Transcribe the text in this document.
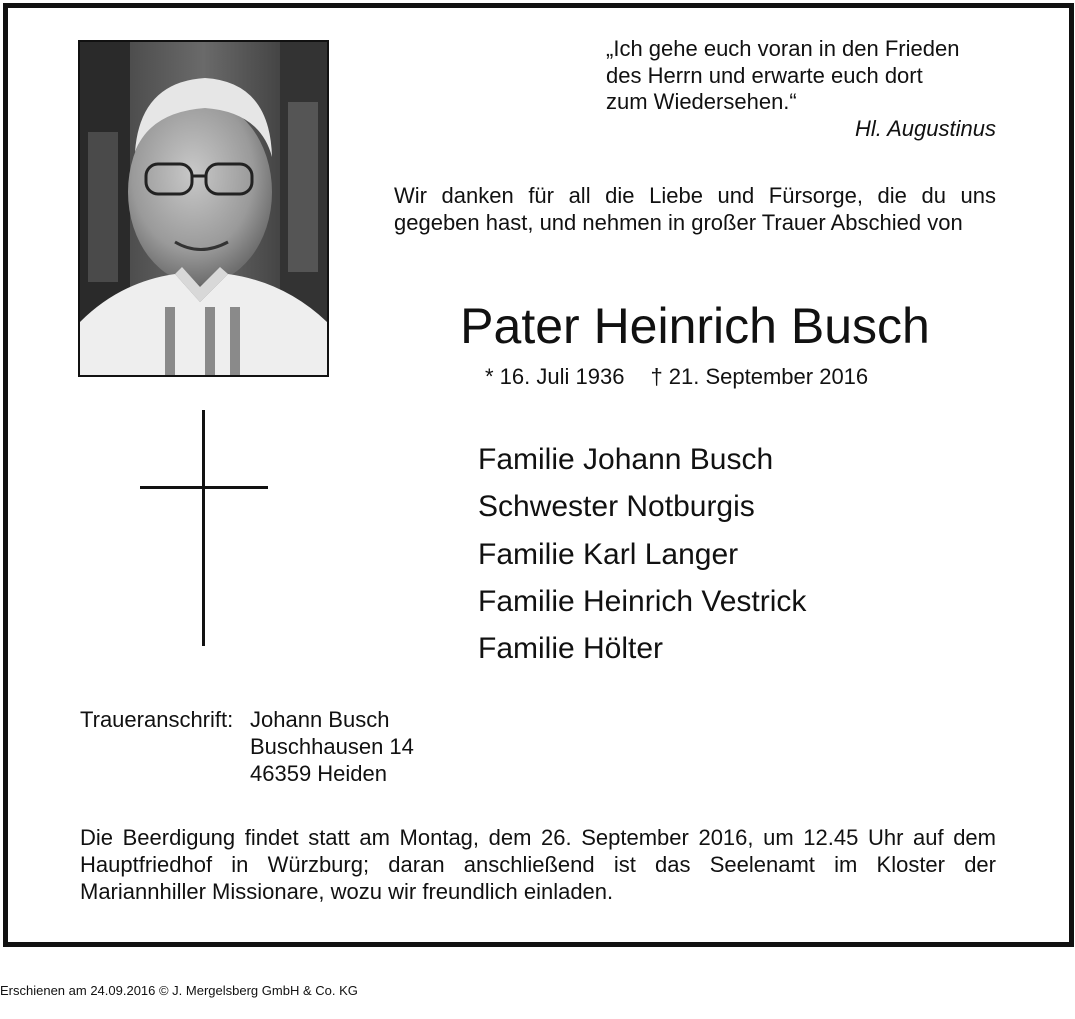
„Ich gehe euch voran in den Frieden
des Herrn und erwarte euch dort
zum Wiedersehen.“
Hl. Augustinus
Wir danken für all die Liebe und Fürsorge, die du uns gegeben hast, und nehmen in großer Trauer Abschied von
Pater Heinrich Busch
* 16. Juli 1936 † 21. September 2016
Familie Johann Busch
Schwester Notburgis
Familie Karl Langer
Familie Heinrich Vestrick
Familie Hölter
Traueranschrift: Johann Busch
Buschhausen 14
46359 Heiden
Die Beerdigung findet statt am Montag, dem 26. September 2016, um 12.45 Uhr auf dem Hauptfriedhof in Würzburg; daran anschließend ist das Seelenamt im Kloster der Mariannhiller Missionare, wozu wir freundlich einladen.
Erschienen am 24.09.2016 © J. Mergelsberg GmbH & Co. KG
